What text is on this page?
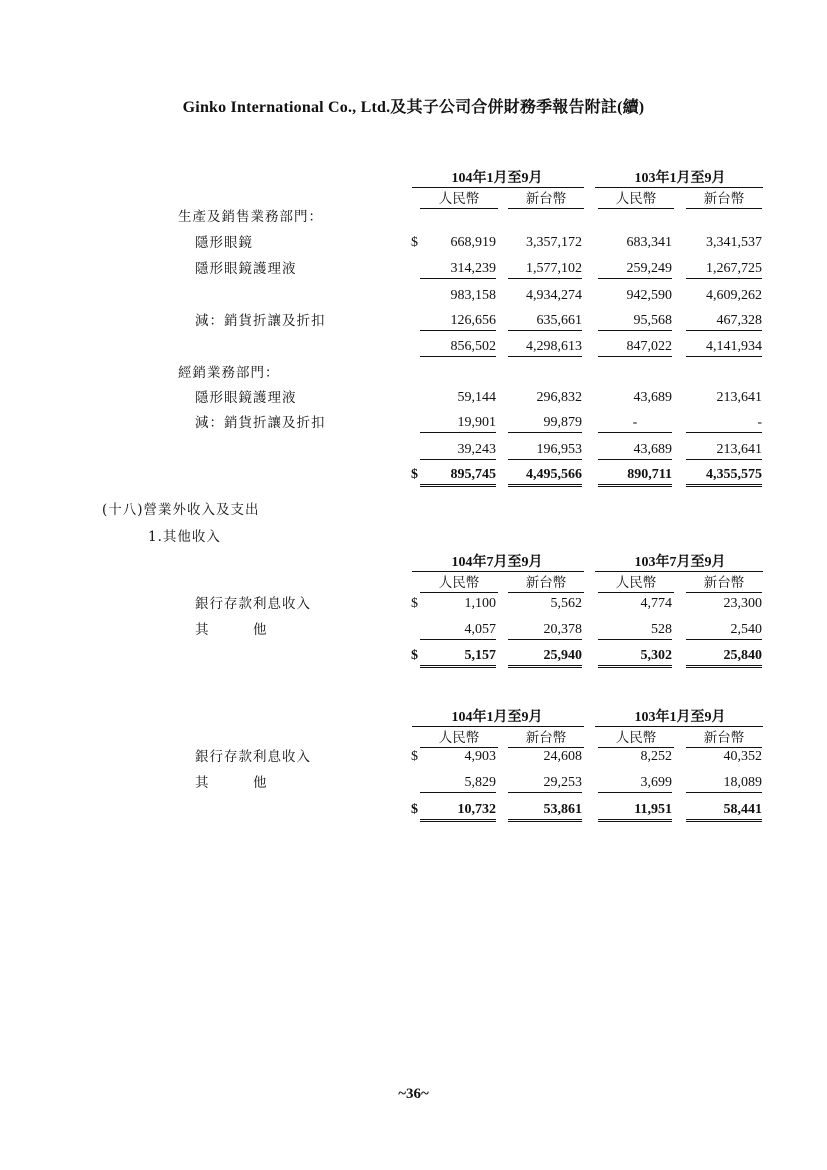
Ginko International Co., Ltd.及其子公司合併財務季報告附註(續)
104年1月至9月	103年1月至9月
人民幣	新台幣	人民幣	新台幣
生產及銷售業務部門：
隱形眼鏡	$	668,919	3,357,172	683,341	3,341,537
隱形眼鏡護理液	314,239	1,577,102	259,249	1,267,725
983,158	4,934,274	942,590	4,609,262
減：銷貨折讓及折扣	126,656	635,661	95,568	467,328
856,502	4,298,613	847,022	4,141,934
經銷業務部門：
隱形眼鏡護理液	59,144	296,832	43,689	213,641
減：銷貨折讓及折扣	19,901	99,879	-	-
39,243	196,953	43,689	213,641
$	895,745	4,495,566	890,711	4,355,575
(十八)營業外收入及支出
1.其他收入
104年7月至9月	103年7月至9月
人民幣	新台幣	人民幣	新台幣
銀行存款利息收入	$	1,100	5,562	4,774	23,300
其　　　他	4,057	20,378	528	2,540
$	5,157	25,940	5,302	25,840
104年1月至9月	103年1月至9月
人民幣	新台幣	人民幣	新台幣
銀行存款利息收入	$	4,903	24,608	8,252	40,352
其　　　他	5,829	29,253	3,699	18,089
$	10,732	53,861	11,951	58,441
~36~
